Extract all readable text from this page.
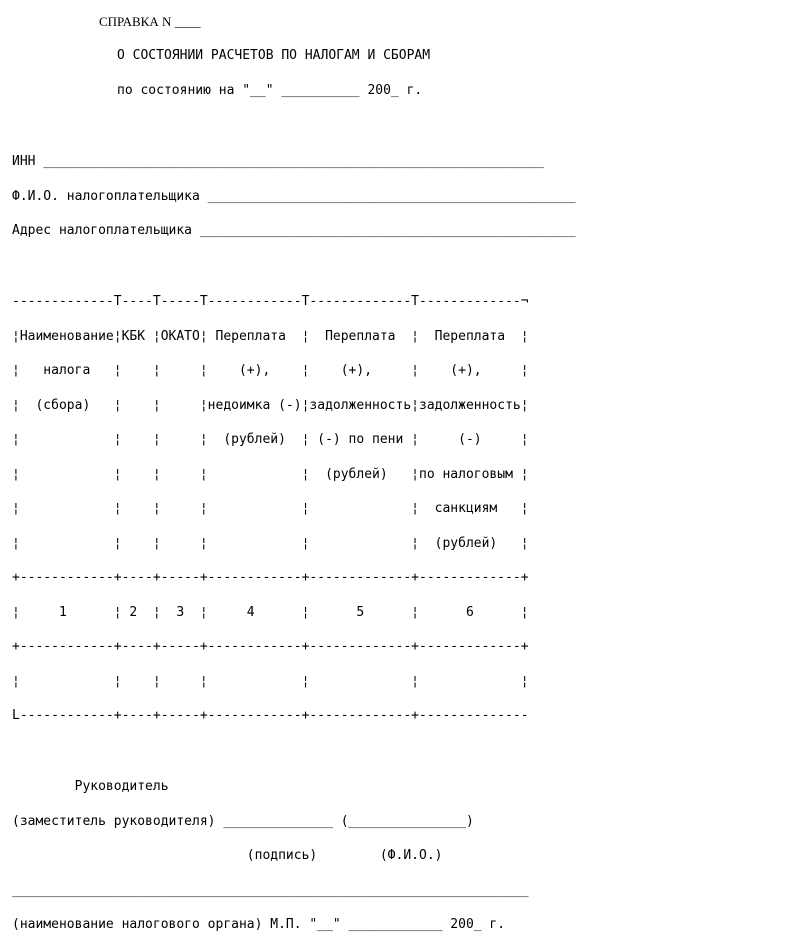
СПРАВКА N ____
О СОСТОЯНИИ РАСЧЕТОВ ПО НАЛОГАМ И СБОРАМ
по состоянию на "__" __________ 200_ г.
ИНН ________________________________________________________________
Ф.И.О. налогоплательщика _______________________________________________
Адрес налогоплательщика ________________________________________________
-------------T----T-----T------------T-------------T-------------¬
¦Наименование¦КБК ¦ОКАТО¦ Переплата  ¦  Переплата  ¦  Переплата  ¦
¦   налога   ¦    ¦     ¦    (+),    ¦    (+),     ¦    (+),     ¦
¦  (сбора)   ¦    ¦     ¦недоимка (-)¦задолженность¦задолженность¦
¦            ¦    ¦     ¦  (рублей)  ¦ (-) по пени ¦     (-)     ¦
¦            ¦    ¦     ¦            ¦  (рублей)   ¦по налоговым ¦
¦            ¦    ¦     ¦            ¦             ¦  санкциям   ¦
¦            ¦    ¦     ¦            ¦             ¦  (рублей)   ¦
+------------+----+-----+------------+-------------+-------------+
¦     1      ¦ 2  ¦  3  ¦     4      ¦      5      ¦      6      ¦
+------------+----+-----+------------+-------------+-------------+
¦            ¦    ¦     ¦            ¦             ¦             ¦
L------------+----+-----+------------+-------------+--------------
Руководитель
(заместитель руководителя) ______________ (_______________)
(подпись)        (Ф.И.О.)
__________________________________________________________________
(наименование налогового органа) М.П. "__" ____________ 200_ г.
